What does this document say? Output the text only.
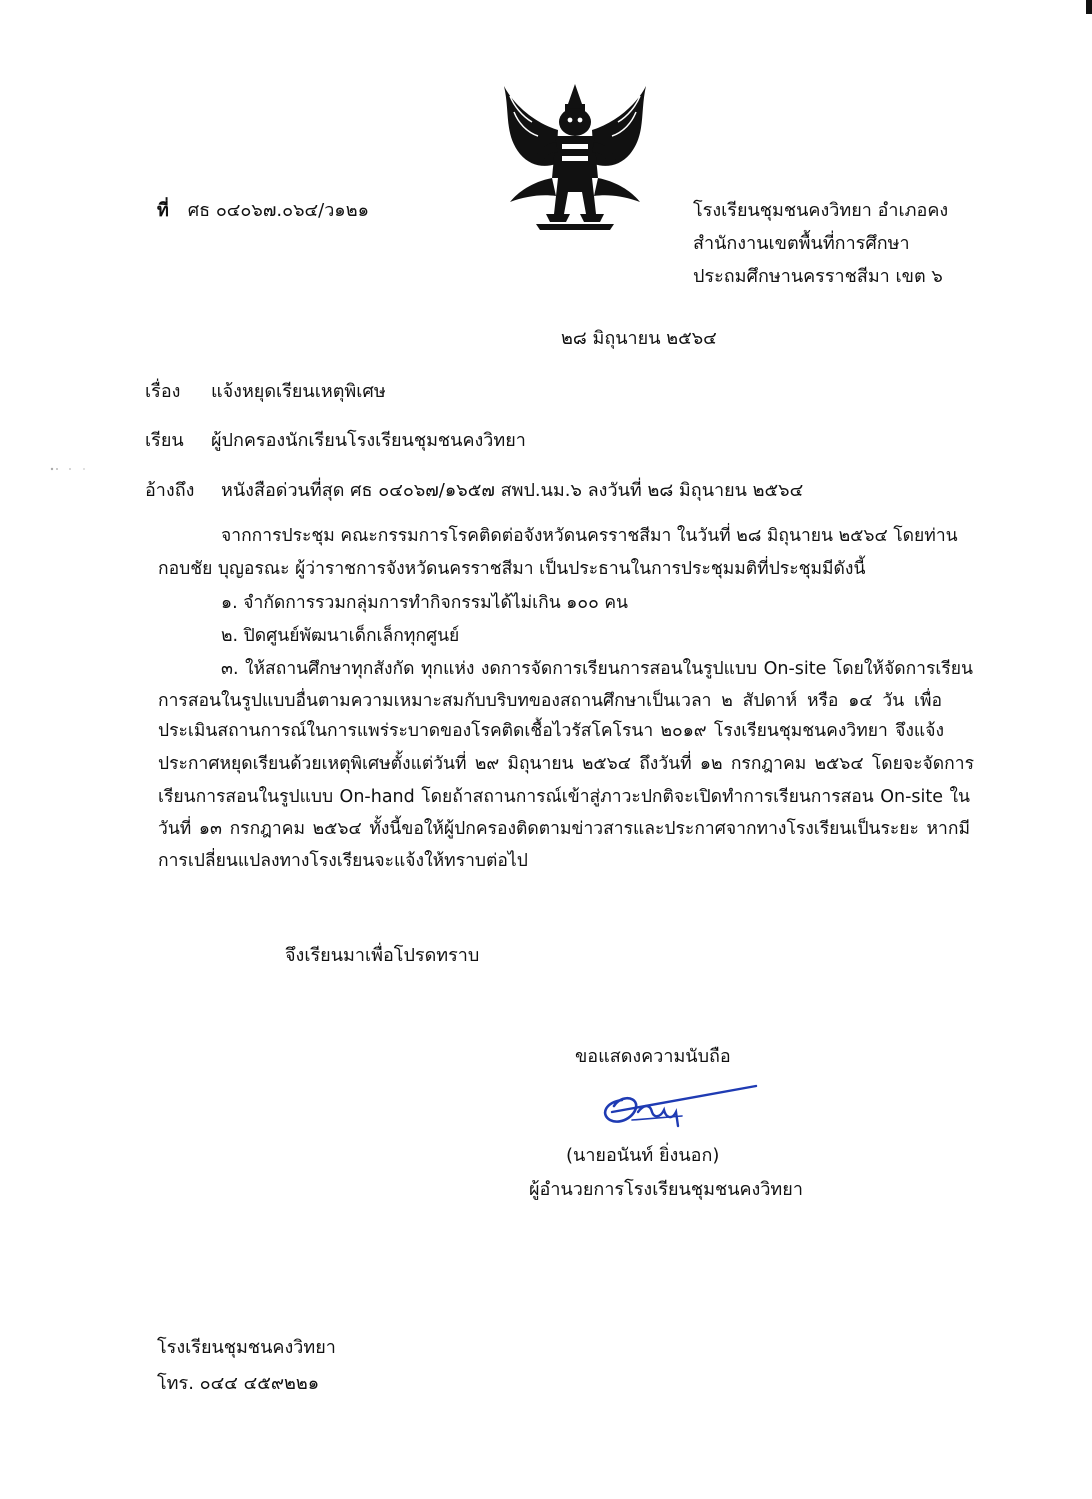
ที่ ศธ ๐๔๐๖๗.๐๖๔/ว๑๒๑	โรงเรียนชุมชนคงวิทยา อำเภอคง
สำนักงานเขตพื้นที่การศึกษา
ประถมศึกษานครราชสีมา เขต ๖
๒๘ มิถุนายน ๒๕๖๔
เรื่อง แจ้งหยุดเรียนเหตุพิเศษ
เรียน ผู้ปกครองนักเรียนโรงเรียนชุมชนคงวิทยา
อ้างถึง หนังสือด่วนที่สุด ศธ ๐๔๐๖๗/๑๖๕๗ สพป.นม.๖ ลงวันที่ ๒๘ มิถุนายน ๒๕๖๔
จากการประชุม คณะกรรมการโรคติดต่อจังหวัดนครราชสีมา ในวันที่ ๒๘ มิถุนายน ๒๕๖๔ โดยท่าน
กอบชัย บุญอรณะ ผู้ว่าราชการจังหวัดนครราชสีมา เป็นประธานในการประชุมมติที่ประชุมมีดังนี้
๑. จำกัดการรวมกลุ่มการทำกิจกรรมได้ไม่เกิน ๑๐๐ คน
๒. ปิดศูนย์พัฒนาเด็กเล็กทุกศูนย์
๓. ให้สถานศึกษาทุกสังกัด ทุกแห่ง งดการจัดการเรียนการสอนในรูปแบบ On-site โดยให้จัดการเรียน
การสอนในรูปแบบอื่นตามความเหมาะสมกับบริบทของสถานศึกษาเป็นเวลา ๒ สัปดาห์ หรือ ๑๔ วัน เพื่อ
ประเมินสถานการณ์ในการแพร่ระบาดของโรคติดเชื้อไวรัสโคโรนา ๒๐๑๙ โรงเรียนชุมชนคงวิทยา จึงแจ้ง
ประกาศหยุดเรียนด้วยเหตุพิเศษตั้งแต่วันที่ ๒๙ มิถุนายน ๒๕๖๔ ถึงวันที่ ๑๒ กรกฎาคม ๒๕๖๔ โดยจะจัดการ
เรียนการสอนในรูปแบบ On-hand โดยถ้าสถานการณ์เข้าสู่ภาวะปกติจะเปิดทำการเรียนการสอน On-site ใน
วันที่ ๑๓ กรกฎาคม ๒๕๖๔ ทั้งนี้ขอให้ผู้ปกครองติดตามข่าวสารและประกาศจากทางโรงเรียนเป็นระยะ หากมี
การเปลี่ยนแปลงทางโรงเรียนจะแจ้งให้ทราบต่อไป
จึงเรียนมาเพื่อโปรดทราบ
ขอแสดงความนับถือ
(นายอนันท์ ยิ่งนอก)
ผู้อำนวยการโรงเรียนชุมชนคงวิทยา
โรงเรียนชุมชนคงวิทยา
โทร. ๐๔๔ ๔๕๙๒๒๑
